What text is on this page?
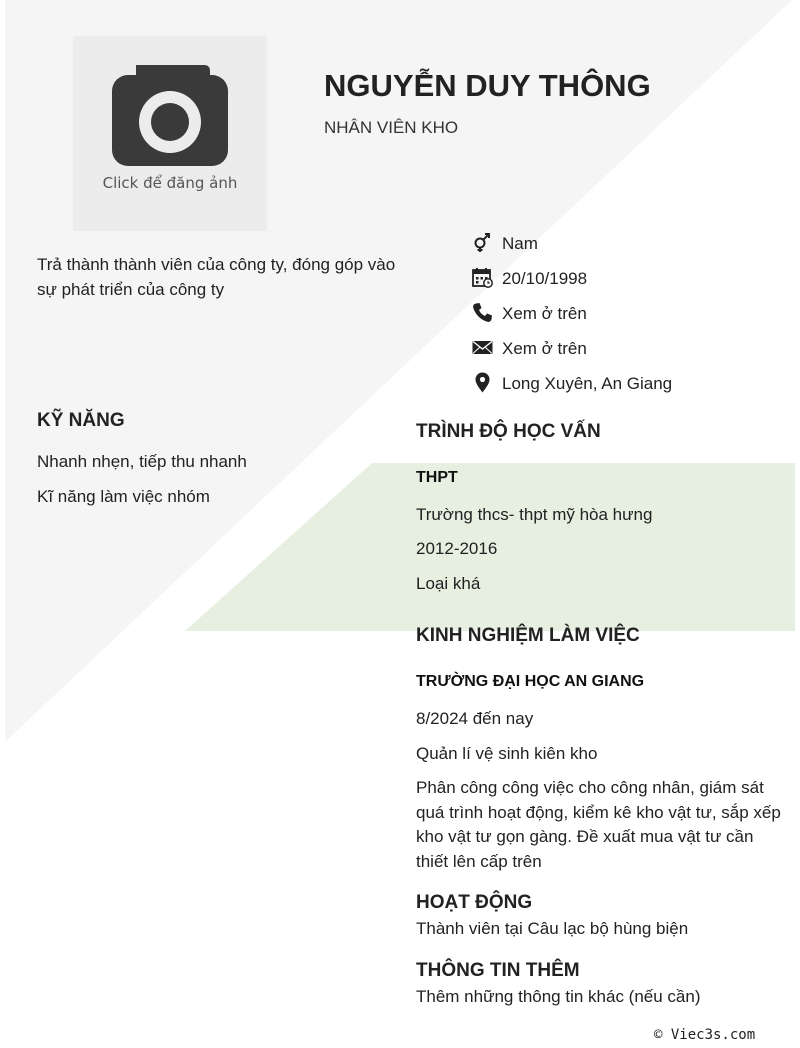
Click để đăng ảnh
NGUYỄN DUY THÔNG
NHÂN VIÊN KHO
Trả thành thành viên của công ty, đóng góp vào sự phát triển của công ty
Nam
20/10/1998
Xem ở trên
Xem ở trên
Long Xuyên, An Giang
KỸ NĂNG
Nhanh nhẹn, tiếp thu nhanh
Kĩ năng làm việc nhóm
TRÌNH ĐỘ HỌC VẤN
THPT
Trường thcs- thpt mỹ hòa hưng
2012-2016
Loại khá
KINH NGHIỆM LÀM VIỆC
TRƯỜNG ĐẠI HỌC AN GIANG
8/2024 đến nay
Quản lí vệ sinh kiên kho
Phân công công việc cho công nhân, giám sát quá trình hoạt động, kiểm kê kho vật tư, sắp xếp kho vật tư gọn gàng. Đề xuất mua vật tư cần thiết lên cấp trên
HOẠT ĐỘNG
Thành viên tại Câu lạc bộ hùng biện
THÔNG TIN THÊM
Thêm những thông tin khác (nếu cần)
© Viec3s.com
